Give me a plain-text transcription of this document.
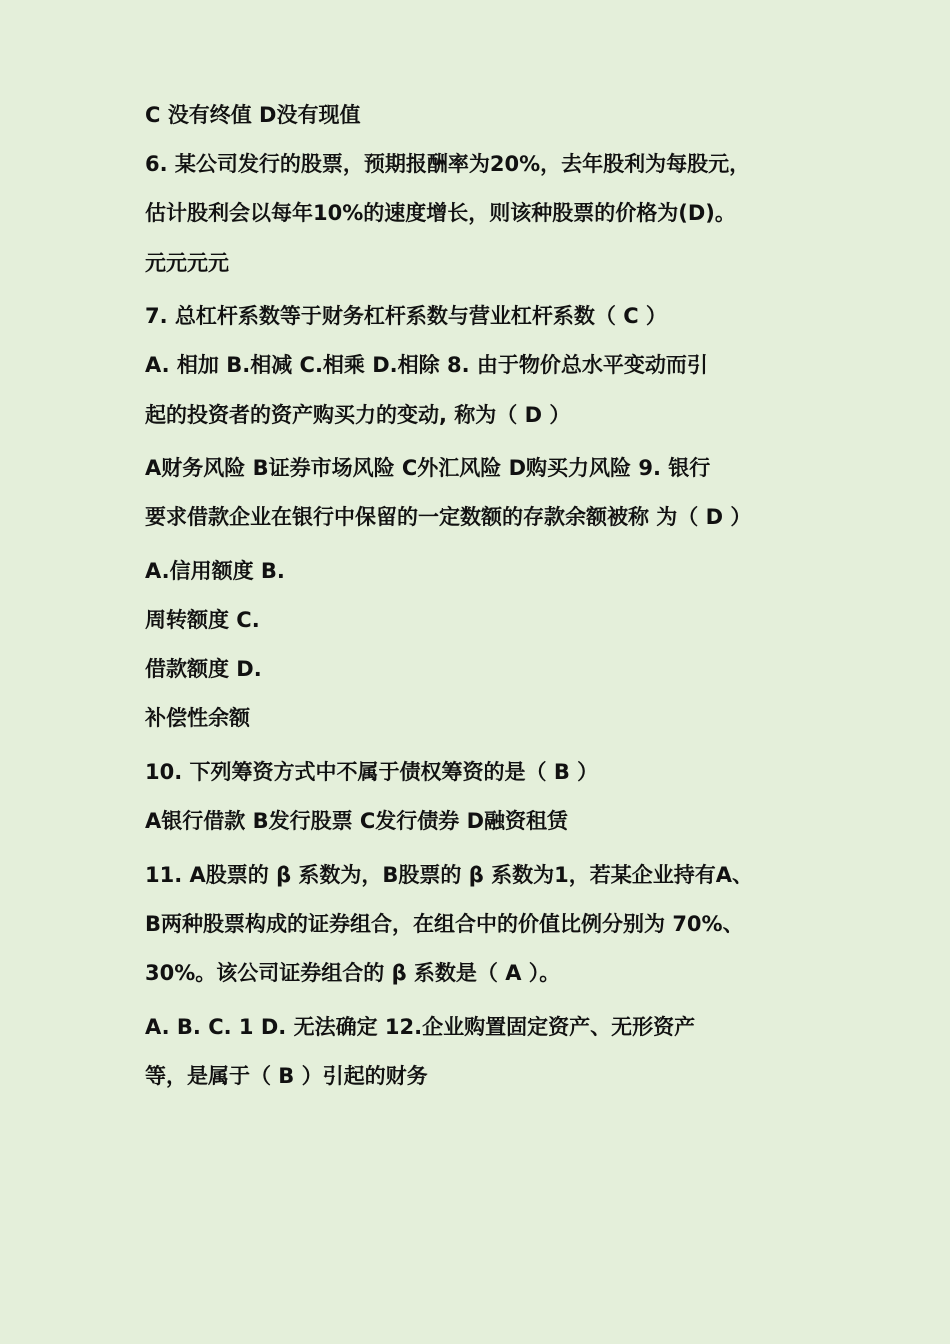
C 没有终值 D没有现值

6. 某公司发行的股票，预期报酬率为20%，去年股利为每股元，

估计股利会以每年10%的速度增长，则该种股票的价格为(D)。

元元元元

7. 总杠杆系数等于财务杠杆系数与营业杠杆系数（ C ）

A. 相加 B.相减 C.相乘 D.相除 8. 由于物价总水平变动而引

起的投资者的资产购买力的变动, 称为（ D ）

A财务风险 B证券市场风险 C外汇风险 D购买力风险 9. 银行

要求借款企业在银行中保留的一定数额的存款余额被称 为（ D ）

A.信用额度 B.

周转额度 C.

借款额度 D.

补偿性余额

10. 下列筹资方式中不属于债权筹资的是（ B ）

A银行借款 B发行股票 C发行债券 D融资租赁

11. A股票的 β 系数为，B股票的 β 系数为1，若某企业持有A、

B两种股票构成的证券组合，在组合中的价值比例分别为 70%、

30%。该公司证券组合的 β 系数是（ A ）。

A. B. C. 1 D. 无法确定 12.企业购置固定资产、无形资产

等，是属于（ B ）引起的财务
